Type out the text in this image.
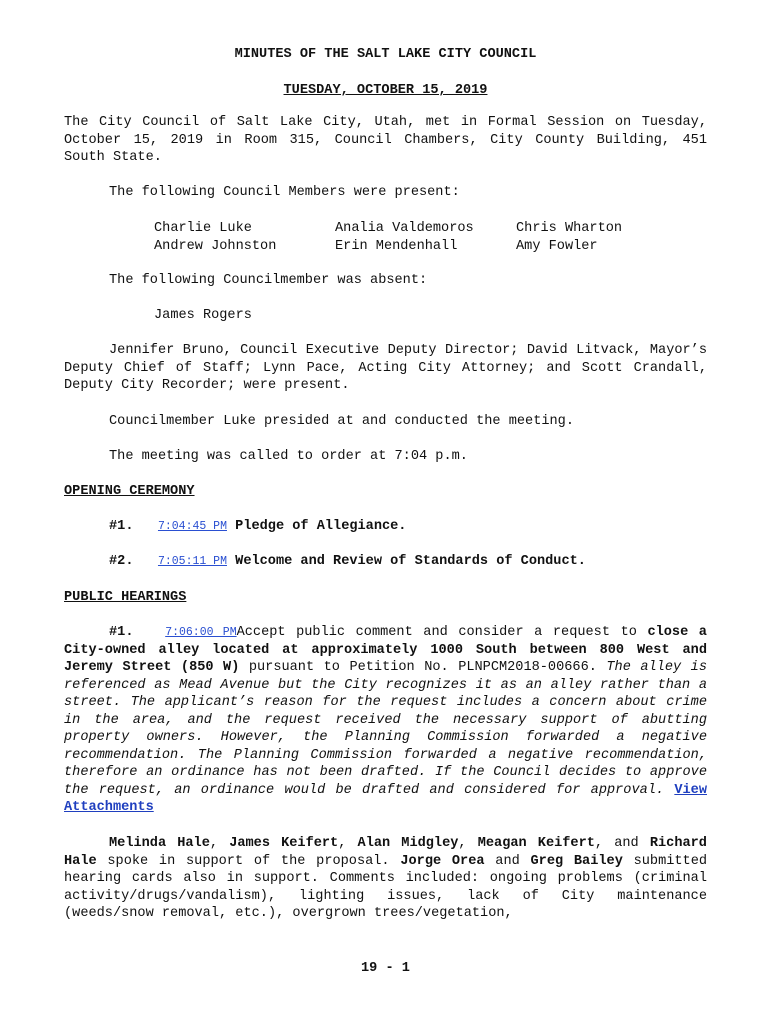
MINUTES OF THE SALT LAKE CITY COUNCIL
TUESDAY, OCTOBER 15, 2019
The City Council of Salt Lake City, Utah, met in Formal Session on Tuesday, October 15, 2019 in Room 315, Council Chambers, City County Building, 451 South State.
The following Council Members were present:
Charlie Luke	Analia Valdemoros	Chris Wharton
Andrew Johnston	Erin Mendenhall	Amy Fowler
The following Councilmember was absent:
James Rogers
Jennifer Bruno, Council Executive Deputy Director; David Litvack, Mayor’s Deputy Chief of Staff; Lynn Pace, Acting City Attorney; and Scott Crandall, Deputy City Recorder; were present.
Councilmember Luke presided at and conducted the meeting.
The meeting was called to order at 7:04 p.m.
OPENING CEREMONY
#1. 7:04:45 PM Pledge of Allegiance.
#2. 7:05:11 PM Welcome and Review of Standards of Conduct.
PUBLIC HEARINGS
#1.	7:06:00 PMAccept public comment and consider a request to close a City-owned alley located at approximately 1000 South between 800 West and Jeremy Street (850 W) pursuant to Petition No. PLNPCM2018-00666. The alley is referenced as Mead Avenue but the City recognizes it as an alley rather than a street. The applicant’s reason for the request includes a concern about crime in the area, and the request received the necessary support of abutting property owners. However, the Planning Commission forwarded a negative recommendation. The Planning Commission forwarded a negative recommendation, therefore an ordinance has not been drafted. If the Council decides to approve the request, an ordinance would be drafted and considered for approval. View Attachments
Melinda Hale, James Keifert, Alan Midgley, Meagan Keifert, and Richard Hale spoke in support of the proposal. Jorge Orea and Greg Bailey submitted hearing cards also in support. Comments included: ongoing problems (criminal activity/drugs/vandalism), lighting issues, lack of City maintenance (weeds/snow removal, etc.), overgrown trees/vegetation,
19 - 1
